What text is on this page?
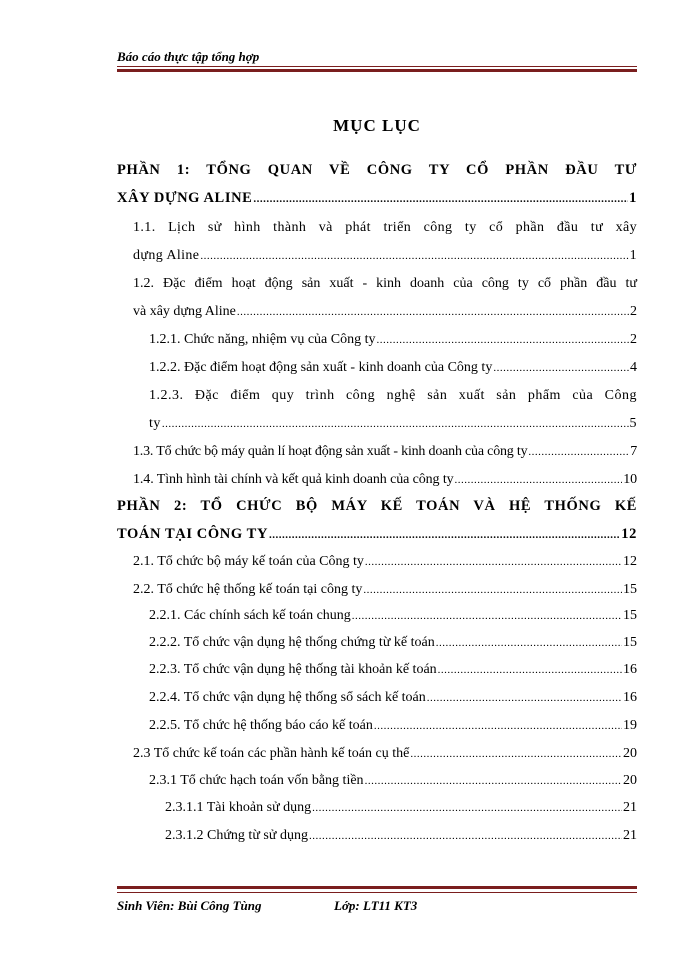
Báo cáo thực tập tổng hợp
MỤC LỤC
PHẦN 1: TỔNG QUAN VỀ CÔNG TY CỔ PHẦN ĐẦU TƯ
XÂY DỰNG ALINE .....	1
1.1. Lịch sử hình thành và phát triển công ty cổ phần đầu tư xây
dựng Aline .....	1
1.2. Đặc điểm hoạt động sản xuất - kinh doanh của công ty cổ phần đầu tư
và xây dựng Aline .....	2
1.2.1. Chức năng, nhiệm vụ của Công ty .....	2
1.2.2. Đặc điểm hoạt động sản xuất - kinh doanh của Công ty .....	4
1.2.3. Đặc điểm quy trình công nghệ sản xuất sản phẩm của Công
ty .....	5
1.3. Tổ chức bộ máy quản lí hoạt động sản xuất - kinh doanh của công ty .....	7
1.4. Tình hình tài chính và kết quả kinh doanh của công ty .....	10
PHẦN 2: TỔ CHỨC BỘ MÁY KẾ TOÁN VÀ HỆ THỐNG KẾ
TOÁN TẠI CÔNG TY .....	12
2.1. Tổ chức bộ máy kế toán của Công ty .....	12
2.2. Tổ chức hệ thống kế toán tại công ty .....	15
2.2.1. Các chính sách kế toán chung .....	15
2.2.2. Tổ chức vận dụng hệ thống chứng từ kế toán .....	15
2.2.3. Tổ chức vận dụng hệ thống tài khoản kế toán .....	16
2.2.4. Tổ chức vận dụng hệ thống sổ sách kế toán .....	16
2.2.5. Tổ chức hệ thống báo cáo kế toán .....	19
2.3 Tổ chức kế toán các phần hành kế toán cụ thể .....	20
2.3.1 Tổ chức hạch toán vốn bằng tiền .....	20
2.3.1.1 Tài khoản sử dụng .....	21
2.3.1.2 Chứng từ sử dụng .....	21
Sinh Viên: Bùi Công Tùng	Lớp: LT11 KT3
